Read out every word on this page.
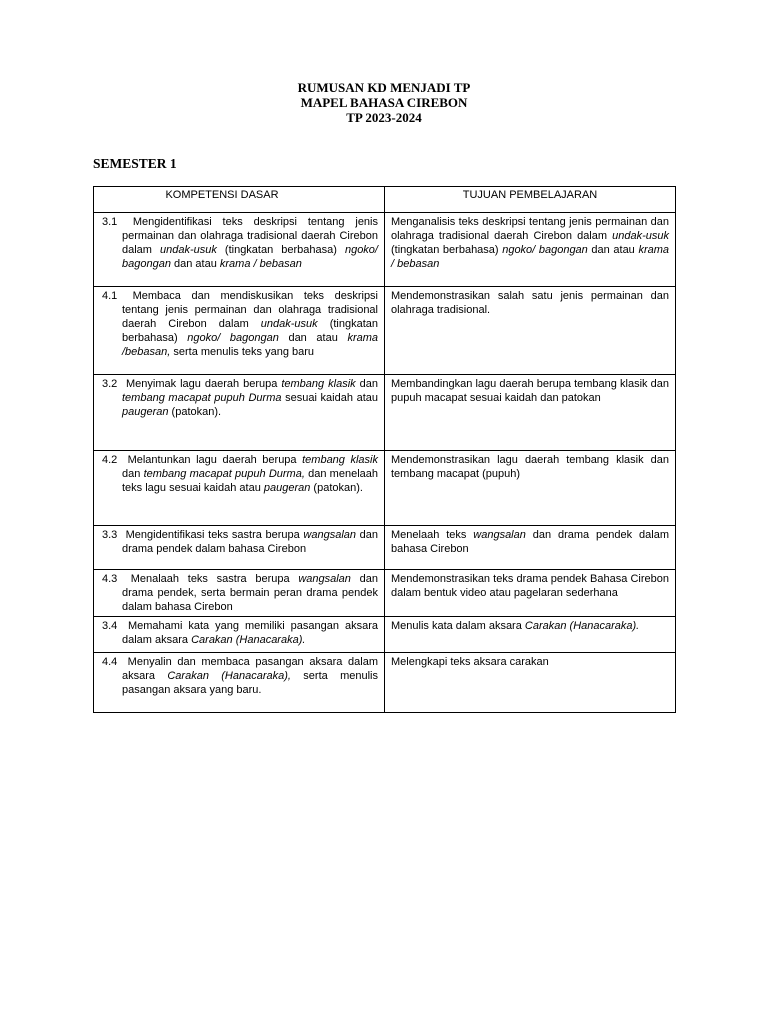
RUMUSAN KD MENJADI TP
MAPEL BAHASA CIREBON
TP 2023-2024
SEMESTER 1
KOMPETENSI DASAR	TUJUAN PEMBELAJARAN
3.1 Mengidentifikasi teks deskripsi tentang jenis permainan dan olahraga tradisional daerah Cirebon dalam undak-usuk (tingkatan berbahasa) ngoko/ bagongan dan atau krama / bebasan	Menganalisis teks deskripsi tentang jenis permainan dan olahraga tradisional daerah Cirebon dalam undak-usuk (tingkatan berbahasa) ngoko/ bagongan dan atau krama / bebasan
4.1 Membaca dan mendiskusikan teks deskripsi tentang jenis permainan dan olahraga tradisional daerah Cirebon dalam undak-usuk (tingkatan berbahasa) ngoko/ bagongan dan atau krama /bebasan, serta menulis teks yang baru	Mendemonstrasikan salah satu jenis permainan dan olahraga tradisional.
3.2 Menyimak lagu daerah berupa tembang klasik dan tembang macapat pupuh Durma sesuai kaidah atau paugeran (patokan).	Membandingkan lagu daerah berupa tembang klasik dan pupuh macapat sesuai kaidah dan patokan
4.2 Melantunkan lagu daerah berupa tembang klasik dan tembang macapat pupuh Durma, dan menelaah teks lagu sesuai kaidah atau paugeran (patokan).	Mendemonstrasikan lagu daerah tembang klasik dan tembang macapat (pupuh)
3.3 Mengidentifikasi teks sastra berupa wangsalan dan drama pendek dalam bahasa Cirebon	Menelaah teks wangsalan dan drama pendek dalam bahasa Cirebon
4.3 Menalaah teks sastra berupa wangsalan dan drama pendek, serta bermain peran drama pendek dalam bahasa Cirebon	Mendemonstrasikan teks drama pendek Bahasa Cirebon dalam bentuk video atau pagelaran sederhana
3.4 Memahami kata yang memiliki pasangan aksara dalam aksara Carakan (Hanacaraka).	Menulis kata dalam aksara Carakan (Hanacaraka).
4.4 Menyalin dan membaca pasangan aksara dalam aksara Carakan (Hanacaraka), serta menulis pasangan aksara yang baru.	Melengkapi teks aksara carakan
